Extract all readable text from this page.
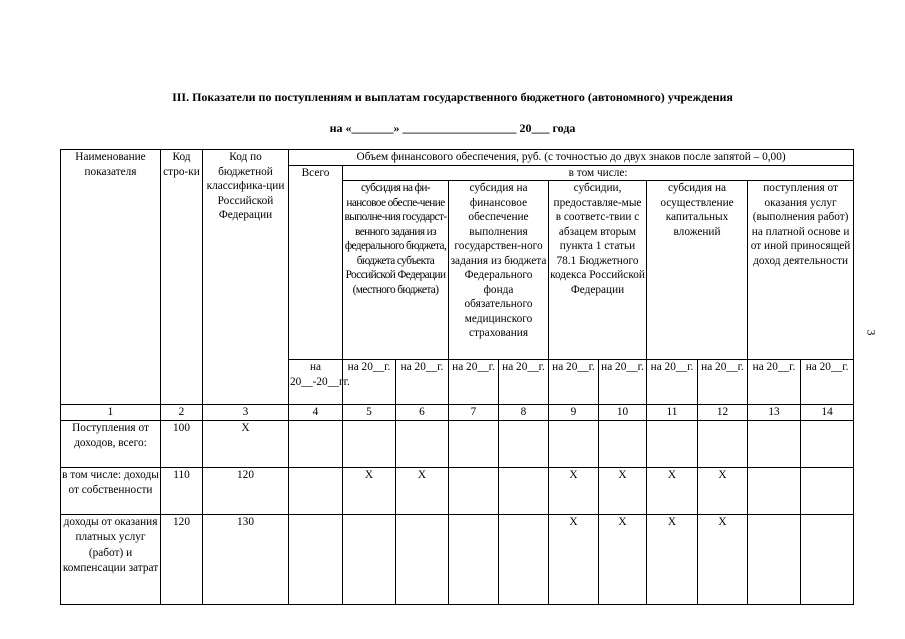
III. Показатели по поступлениям и выплатам государственного бюджетного (автономного) учреждения
на «_______» ___________________ 20___ года
3
Наименование показателя	Код стро-ки	Код по бюджетной классифика-ции Российской Федерации	Объем финансового обеспечения, руб. (с точностью до двух знаков после запятой – 0,00)										
			Всего	в том числе:									
				субсидия на фи-нансовое обеспе-чение выполне-ния государст-венного задания из федерального бюджета, бюджета субъекта Российской Федерации (местного бюджета)		субсидия на финансовое обеспечение выполнения государствен-ного задания из бюджета Федерального фонда обязательного медицинского страхования		субсидии, предоставляе-мые в соответс-твии с абзацем вторым пункта 1 статьи 78.1 Бюджетного кодекса Российской Федерации		субсидия на осуществление капитальных вложений		поступления от оказания услуг (выполнения работ) на платной основе и от иной приносящей доход деятельности	
			на 20__-20__гг.	на 20__г.	на 20__г.	на 20__г.	на 20__г.	на 20__г.	на 20__г.	на 20__г.	на 20__г.	на 20__г.	на 20__г.
1	2	3	4	5	6	7	8	9	10	11	12	13	14
Поступления от доходов, всего:	100	X											
в том числе: доходы от собственности	110	120		X	X			X	X	X	X		
доходы от оказания платных услуг (работ) и компенсации затрат	120	130						X	X	X	X		
